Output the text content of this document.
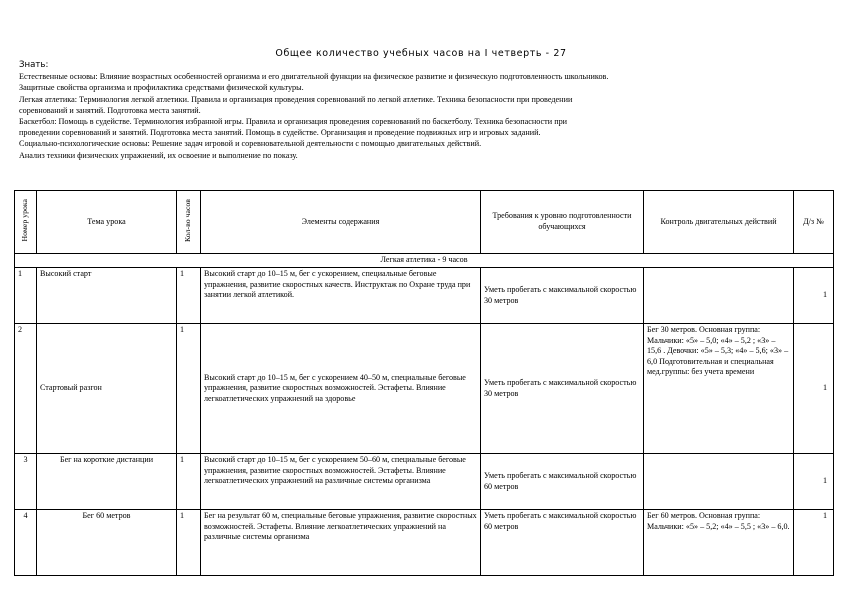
Общее количество учебных часов на I четверть - 27
Знать:
Естественные основы: Влияние возрастных особенностей организма и его двигательной функции на физическое развитие и физическую подготовленность школьников.
Защитные свойства организма и профилактика средствами физической культуры.
Легкая атлетика: Терминология легкой атлетики. Правила и организация проведения соревнований по легкой атлетике. Техника безопасности при проведении
соревнований и занятий. Подготовка места занятий.
Баскетбол: Помощь в судействе. Терминология избранной игры. Правила и организация проведения соревнований по баскетболу. Техника безопасности при
проведении соревнований и занятий. Подготовка места занятий. Помощь в судействе. Организация и проведение подвижных игр и игровых заданий.
Социально-психологические основы: Решение задач игровой и соревновательной деятельности с помощью двигательных действий.
Анализ техники физических упражнений, их освоение и выполнение по показу.
Номер урока	Тема урока	Кол-во часов	Элементы содержания	Требования к уровню подготовленности обучающихся	Контроль двигательных действий	Д/з №
Легкая атлетика - 9 часов						
1	Высокий старт	1	Высокий старт до 10–15 м, бег с ускорением, специальные беговые упражнения, развитие скоростных качеств. Инструктаж по Охране труда при занятии легкой атлетикой.	Уметь пробегать с максимальной скоростью 30 метров		1
2	Стартовый разгон	1	Высокий старт до 10–15 м, бег с ускорением 40–50 м, специальные беговые упражнения, развитие скоростных возможностей. Эстафеты. Влияние легкоатлетических упражнений на здоровье	Уметь пробегать с максимальной скоростью 30 метров	Бег 30 метров. Основная группа: Мальчики: «5» – 5,0; «4» – 5,2 ; «3» – 15,6 . Девочки: «5» – 5,3; «4» – 5,6; «3» – 6,0 Подготовительная и специальная мед.группы: без учета времени	1
3	Бег на короткие дистанции	1	Высокий старт до 10–15 м, бег с ускорением 50–60 м, специальные беговые упражнения, развитие скоростных возможностей. Эстафеты. Влияние легкоатлетических упражнений на различные системы организма	Уметь пробегать с максимальной скоростью 60 метров		1
4	Бег 60 метров	1	Бег на результат 60 м, специальные беговые упражнения, развитие скоростных возможностей. Эстафеты. Влияние легкоатлетических упражнений на различные системы организма	Уметь пробегать с максимальной скоростью 60 метров	Бег 60 метров. Основная группа: Мальчики: «5» – 5,2; «4» – 5,5 ; «3» – 6,0.	1
